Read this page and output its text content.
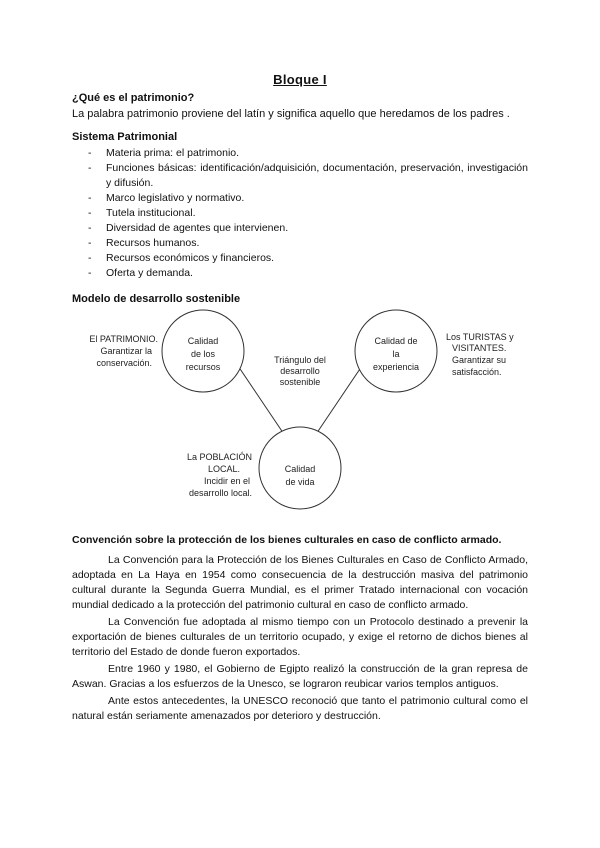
Bloque I
¿Qué es el patrimonio?
La palabra patrimonio proviene del latín y significa aquello que heredamos de los padres .
Sistema Patrimonial
- Materia prima: el patrimonio.
- Funciones básicas: identificación/adquisición, documentación, preservación, investigación y difusión.
- Marco legislativo y normativo.
- Tutela institucional.
- Diversidad de agentes que intervienen.
- Recursos humanos.
- Recursos económicos y financieros.
- Oferta y demanda.
Modelo de desarrollo sostenible
Calidad
de los
recursos
Calidad de
la
experiencia
Calidad
de vida
Triángulo del
desarrollo
sostenible
El PATRIMONIO.
Garantizar la
conservación.
Los TURISTAS y
VISITANTES.
Garantizar su
satisfacción.
La POBLACIÓN
LOCAL.
Incidir en el
desarrollo local.
Convención sobre la protección de los bienes culturales en caso de conflicto armado.

La Convención para la Protección de los Bienes Culturales en Caso de Conflicto Armado, adoptada en La Haya en 1954 como consecuencia de la destrucción masiva del patrimonio cultural durante la Segunda Guerra Mundial, es el primer Tratado internacional con vocación mundial dedicado a la protección del patrimonio cultural en caso de conflicto armado.

La Convención fue adoptada al mismo tiempo con un Protocolo destinado a prevenir la exportación de bienes culturales de un territorio ocupado, y exige el retorno de dichos bienes al territorio del Estado de donde fueron exportados.

Entre 1960 y 1980, el Gobierno de Egipto realizó la construcción de la gran represa de Aswan. Gracias a los esfuerzos de la Unesco, se lograron reubicar varios templos antiguos.

Ante estos antecedentes, la UNESCO reconoció que tanto el patrimonio cultural como el natural están seriamente amenazados por deterioro y destrucción.
